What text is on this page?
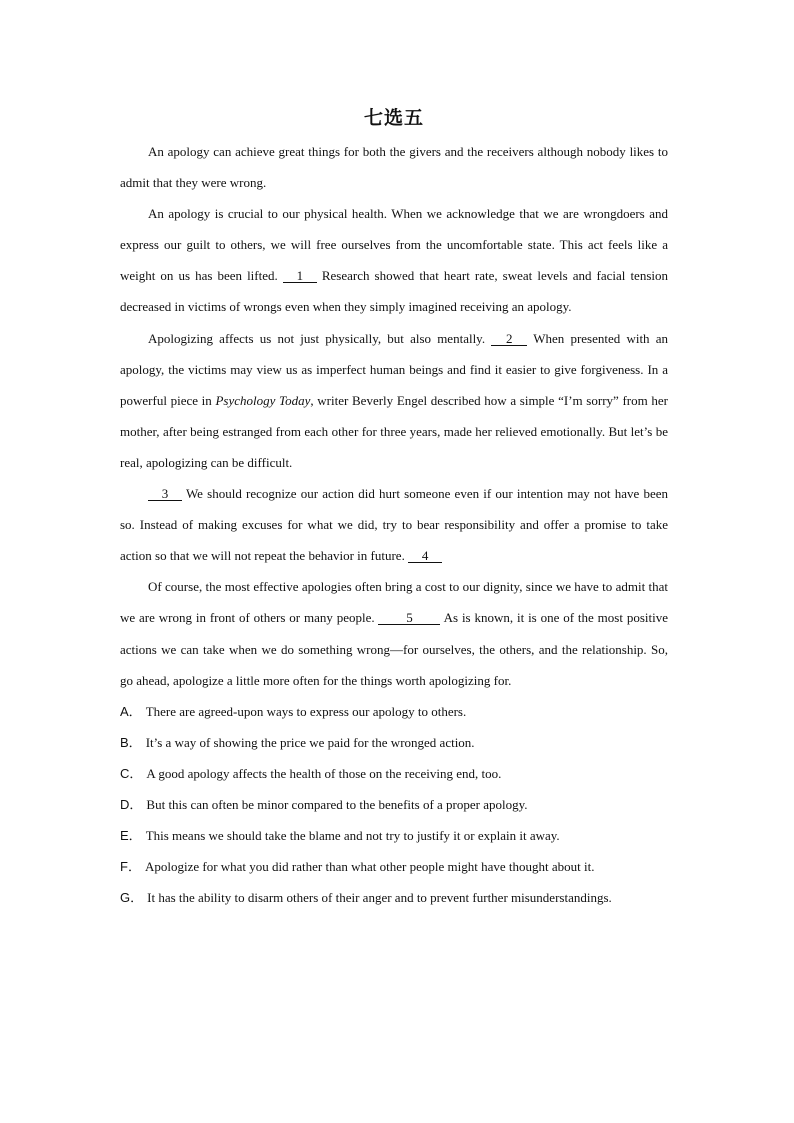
七选五

An apology can achieve great things for both the givers and the receivers although nobody likes to admit that they were wrong.

An apology is crucial to our physical health. When we acknowledge that we are wrongdoers and express our guilt to others, we will free ourselves from the uncomfortable state. This act feels like a weight on us has been lifted. 1 Research showed that heart rate, sweat levels and facial tension decreased in victims of wrongs even when they simply imagined receiving an apology.

Apologizing affects us not just physically, but also mentally. 2 When presented with an apology, the victims may view us as imperfect human beings and find it easier to give forgiveness. In a powerful piece in Psychology Today, writer Beverly Engel described how a simple “I’m sorry” from her mother, after being estranged from each other for three years, made her relieved emotionally. But let’s be real, apologizing can be difficult.

3 We should recognize our action did hurt someone even if our intention may not have been so. Instead of making excuses for what we did, try to bear responsibility and offer a promise to take action so that we will not repeat the behavior in future. 4

Of course, the most effective apologies often bring a cost to our dignity, since we have to admit that we are wrong in front of others or many people. 5 As is known, it is one of the most positive actions we can take when we do something wrong—for ourselves, the others, and the relationship. So, go ahead, apologize a little more often for the things worth apologizing for.

A． There are agreed-upon ways to express our apology to others.
B． It’s a way of showing the price we paid for the wronged action.
C． A good apology affects the health of those on the receiving end, too.
D． But this can often be minor compared to the benefits of a proper apology.
E． This means we should take the blame and not try to justify it or explain it away.
F． Apologize for what you did rather than what other people might have thought about it.
G． It has the ability to disarm others of their anger and to prevent further misunderstandings.
